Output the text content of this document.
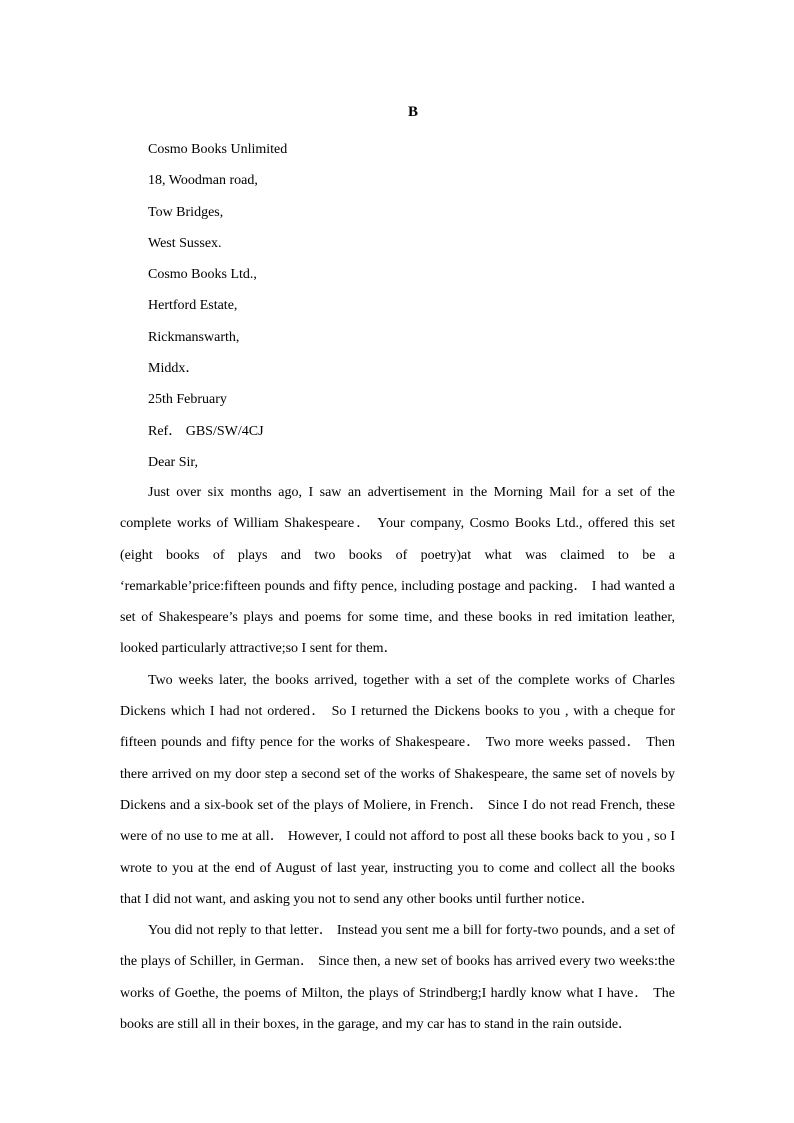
B
Cosmo Books Unlimited
18, Woodman road,
Tow Bridges,
West Sussex.
Cosmo Books Ltd.,
Hertford Estate,
Rickmanswarth,
Middx．
25th February
Ref． GBS/SW/4CJ
Dear Sir,

Just over six months ago, I saw an advertisement in the Morning Mail for a set of the complete works of William Shakespeare． Your company, Cosmo Books Ltd., offered this set (eight books of plays and two books of poetry)at what was claimed to be a ‘remarkable’price:fifteen pounds and fifty pence, including postage and packing． I had wanted a set of Shakespeare’s plays and poems for some time, and these books in red imitation leather, looked particularly attractive;so I sent for them．

Two weeks later, the books arrived, together with a set of the complete works of Charles Dickens which I had not ordered． So I returned the Dickens books to you , with a cheque for fifteen pounds and fifty pence for the works of Shakespeare． Two more weeks passed． Then there arrived on my door step a second set of the works of Shakespeare, the same set of novels by Dickens and a six-book set of the plays of Moliere, in French． Since I do not read French, these were of no use to me at all． However, I could not afford to post all these books back to you , so I wrote to you at the end of August of last year, instructing you to come and collect all the books that I did not want, and asking you not to send any other books until further notice．

You did not reply to that letter． Instead you sent me a bill for forty-two pounds, and a set of the plays of Schiller, in German． Since then, a new set of books has arrived every two weeks:the works of Goethe, the poems of Milton, the plays of Strindberg;I hardly know what I have． The books are still all in their boxes, in the garage, and my car has to stand in the rain outside．
